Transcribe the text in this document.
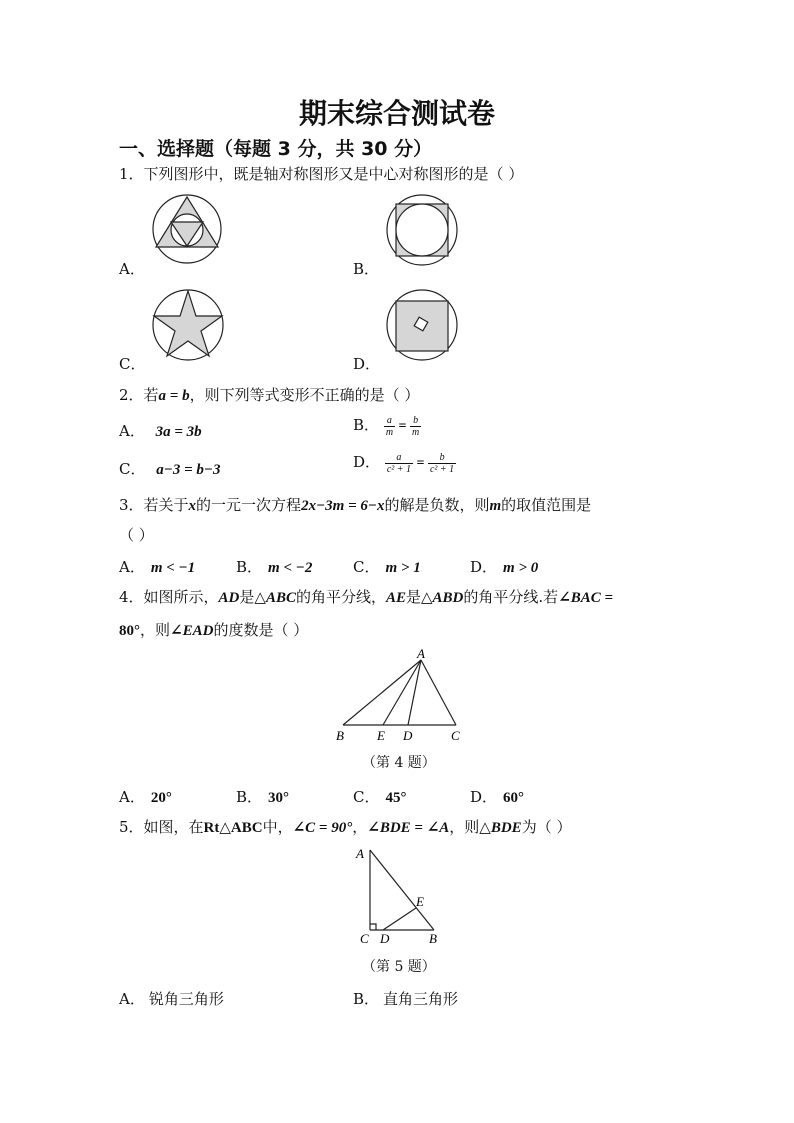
期末综合测试卷
一、选择题（每题 3 分，共 30 分）
1．下列图形中，既是轴对称图形又是中心对称图形的是（ ）
A．	B．
C．	D．
2．若a = b，则下列等式变形不正确的是（ ）
A． 3a = 3b	B． $\frac{a}{m} = \frac{b}{m}$
C． a−3 = b−3	D． $\frac{a}{\text{c² + 1}} = \frac{b}{\text{c² + 1}}$
3．若关于x的一元一次方程2x−3m = 6−x的解是负数，则m的取值范围是
（ ）
A． m < −1	B． m < −2	C． m > 1	D． m > 0
4．如图所示，AD是△ABC的角平分线，AE是△ABD的角平分线.若∠BAC =
80°，则∠EAD的度数是（ ）
A
B	E D	C
（第 4 题）
A． 20°	B． 30°	C． 45°	D． 60°
5．如图，在Rt△ABC中，∠C = 90°，∠BDE = ∠A，则△BDE为（ ）
A
E
C D	B
（第 5 题）
A． 锐角三角形	B． 直角三角形
